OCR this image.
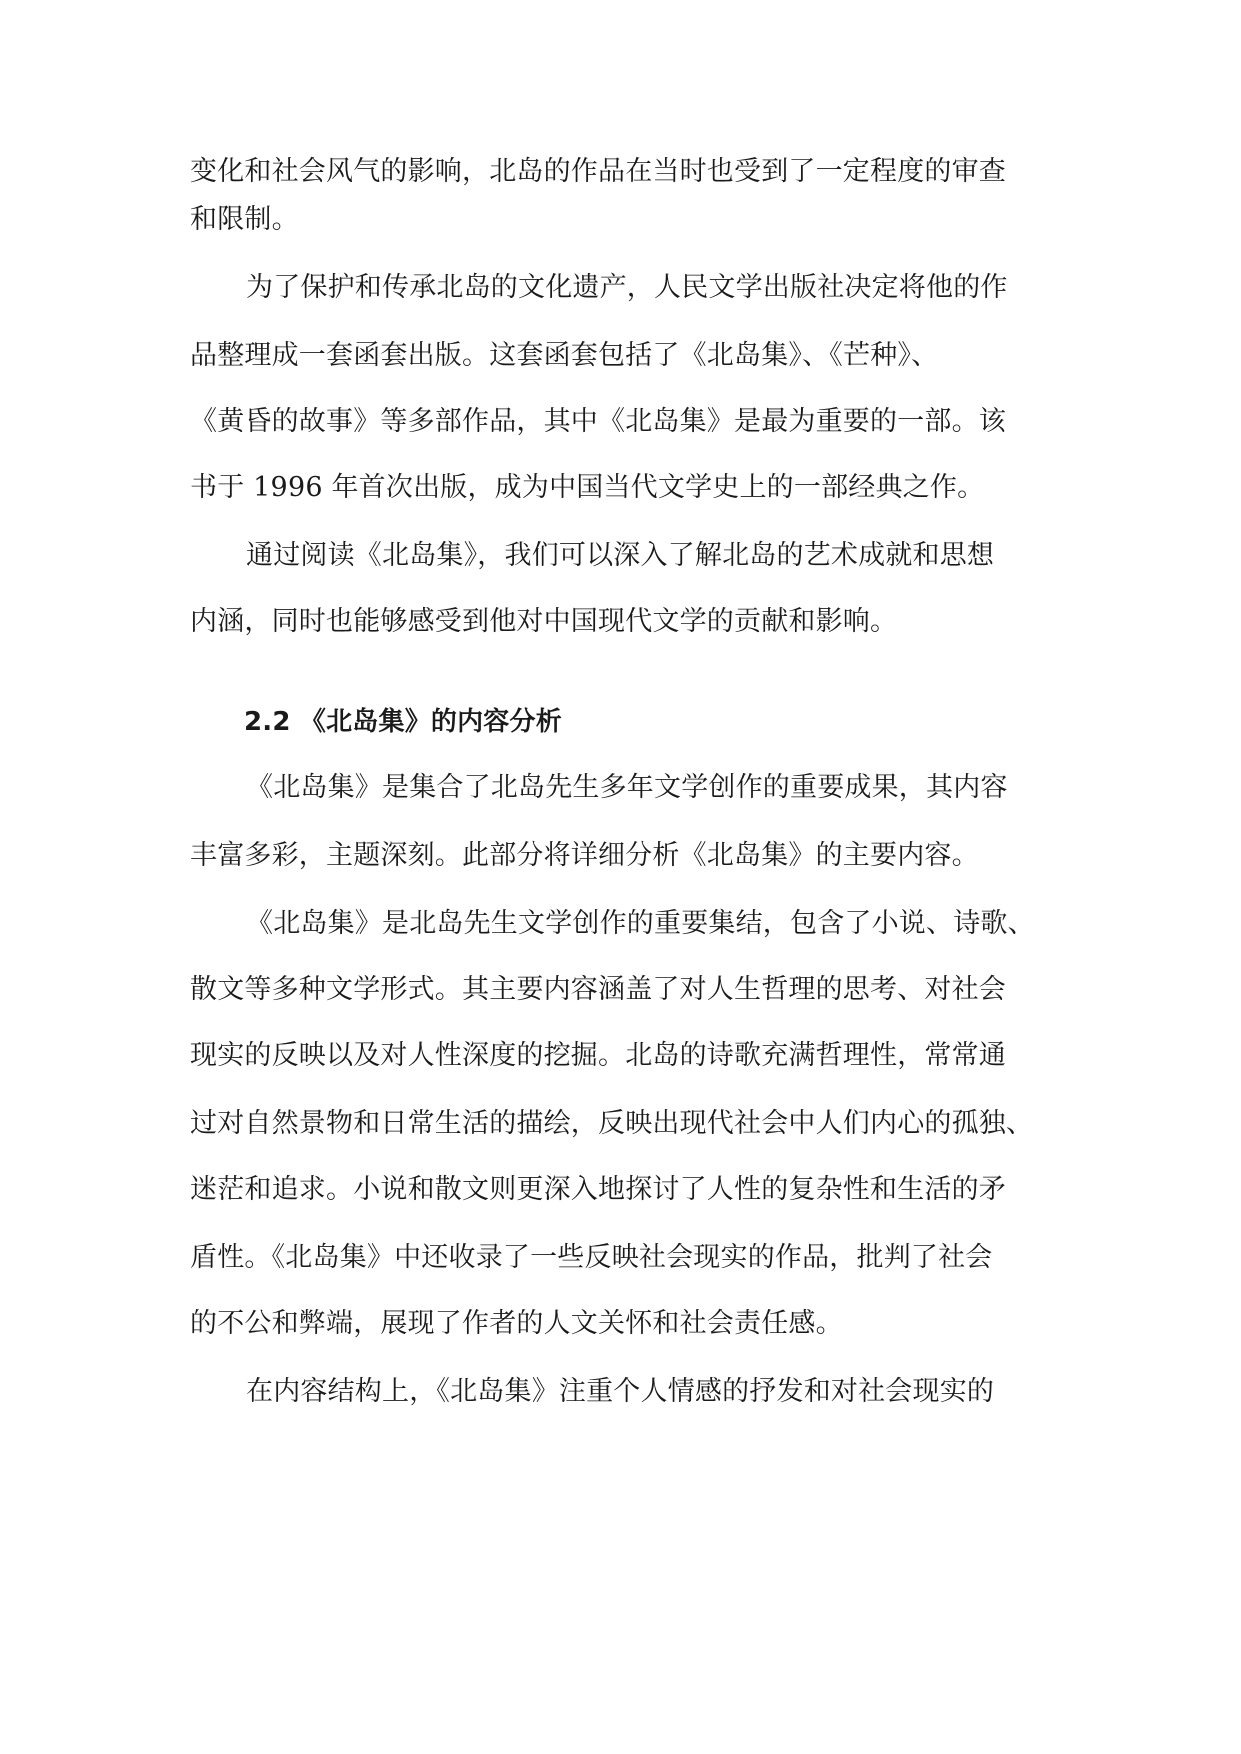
变化和社会风气的影响，北岛的作品在当时也受到了一定程度的审查
和限制。
为了保护和传承北岛的文化遗产，人民文学出版社决定将他的作
品整理成一套函套出版。这套函套包括了《北岛集》、《芒种》、
《黄昏的故事》等多部作品，其中《北岛集》是最为重要的一部。该
书于 1996 年首次出版，成为中国当代文学史上的一部经典之作。
通过阅读《北岛集》，我们可以深入了解北岛的艺术成就和思想
内涵，同时也能够感受到他对中国现代文学的贡献和影响。
2.2 《北岛集》的内容分析
《北岛集》是集合了北岛先生多年文学创作的重要成果，其内容
丰富多彩，主题深刻。此部分将详细分析《北岛集》的主要内容。
《北岛集》是北岛先生文学创作的重要集结，包含了小说、诗歌、
散文等多种文学形式。其主要内容涵盖了对人生哲理的思考、对社会
现实的反映以及对人性深度的挖掘。北岛的诗歌充满哲理性，常常通
过对自然景物和日常生活的描绘，反映出现代社会中人们内心的孤独、
迷茫和追求。小说和散文则更深入地探讨了人性的复杂性和生活的矛
盾性。《北岛集》中还收录了一些反映社会现实的作品，批判了社会
的不公和弊端，展现了作者的人文关怀和社会责任感。
在内容结构上，《北岛集》注重个人情感的抒发和对社会现实的
